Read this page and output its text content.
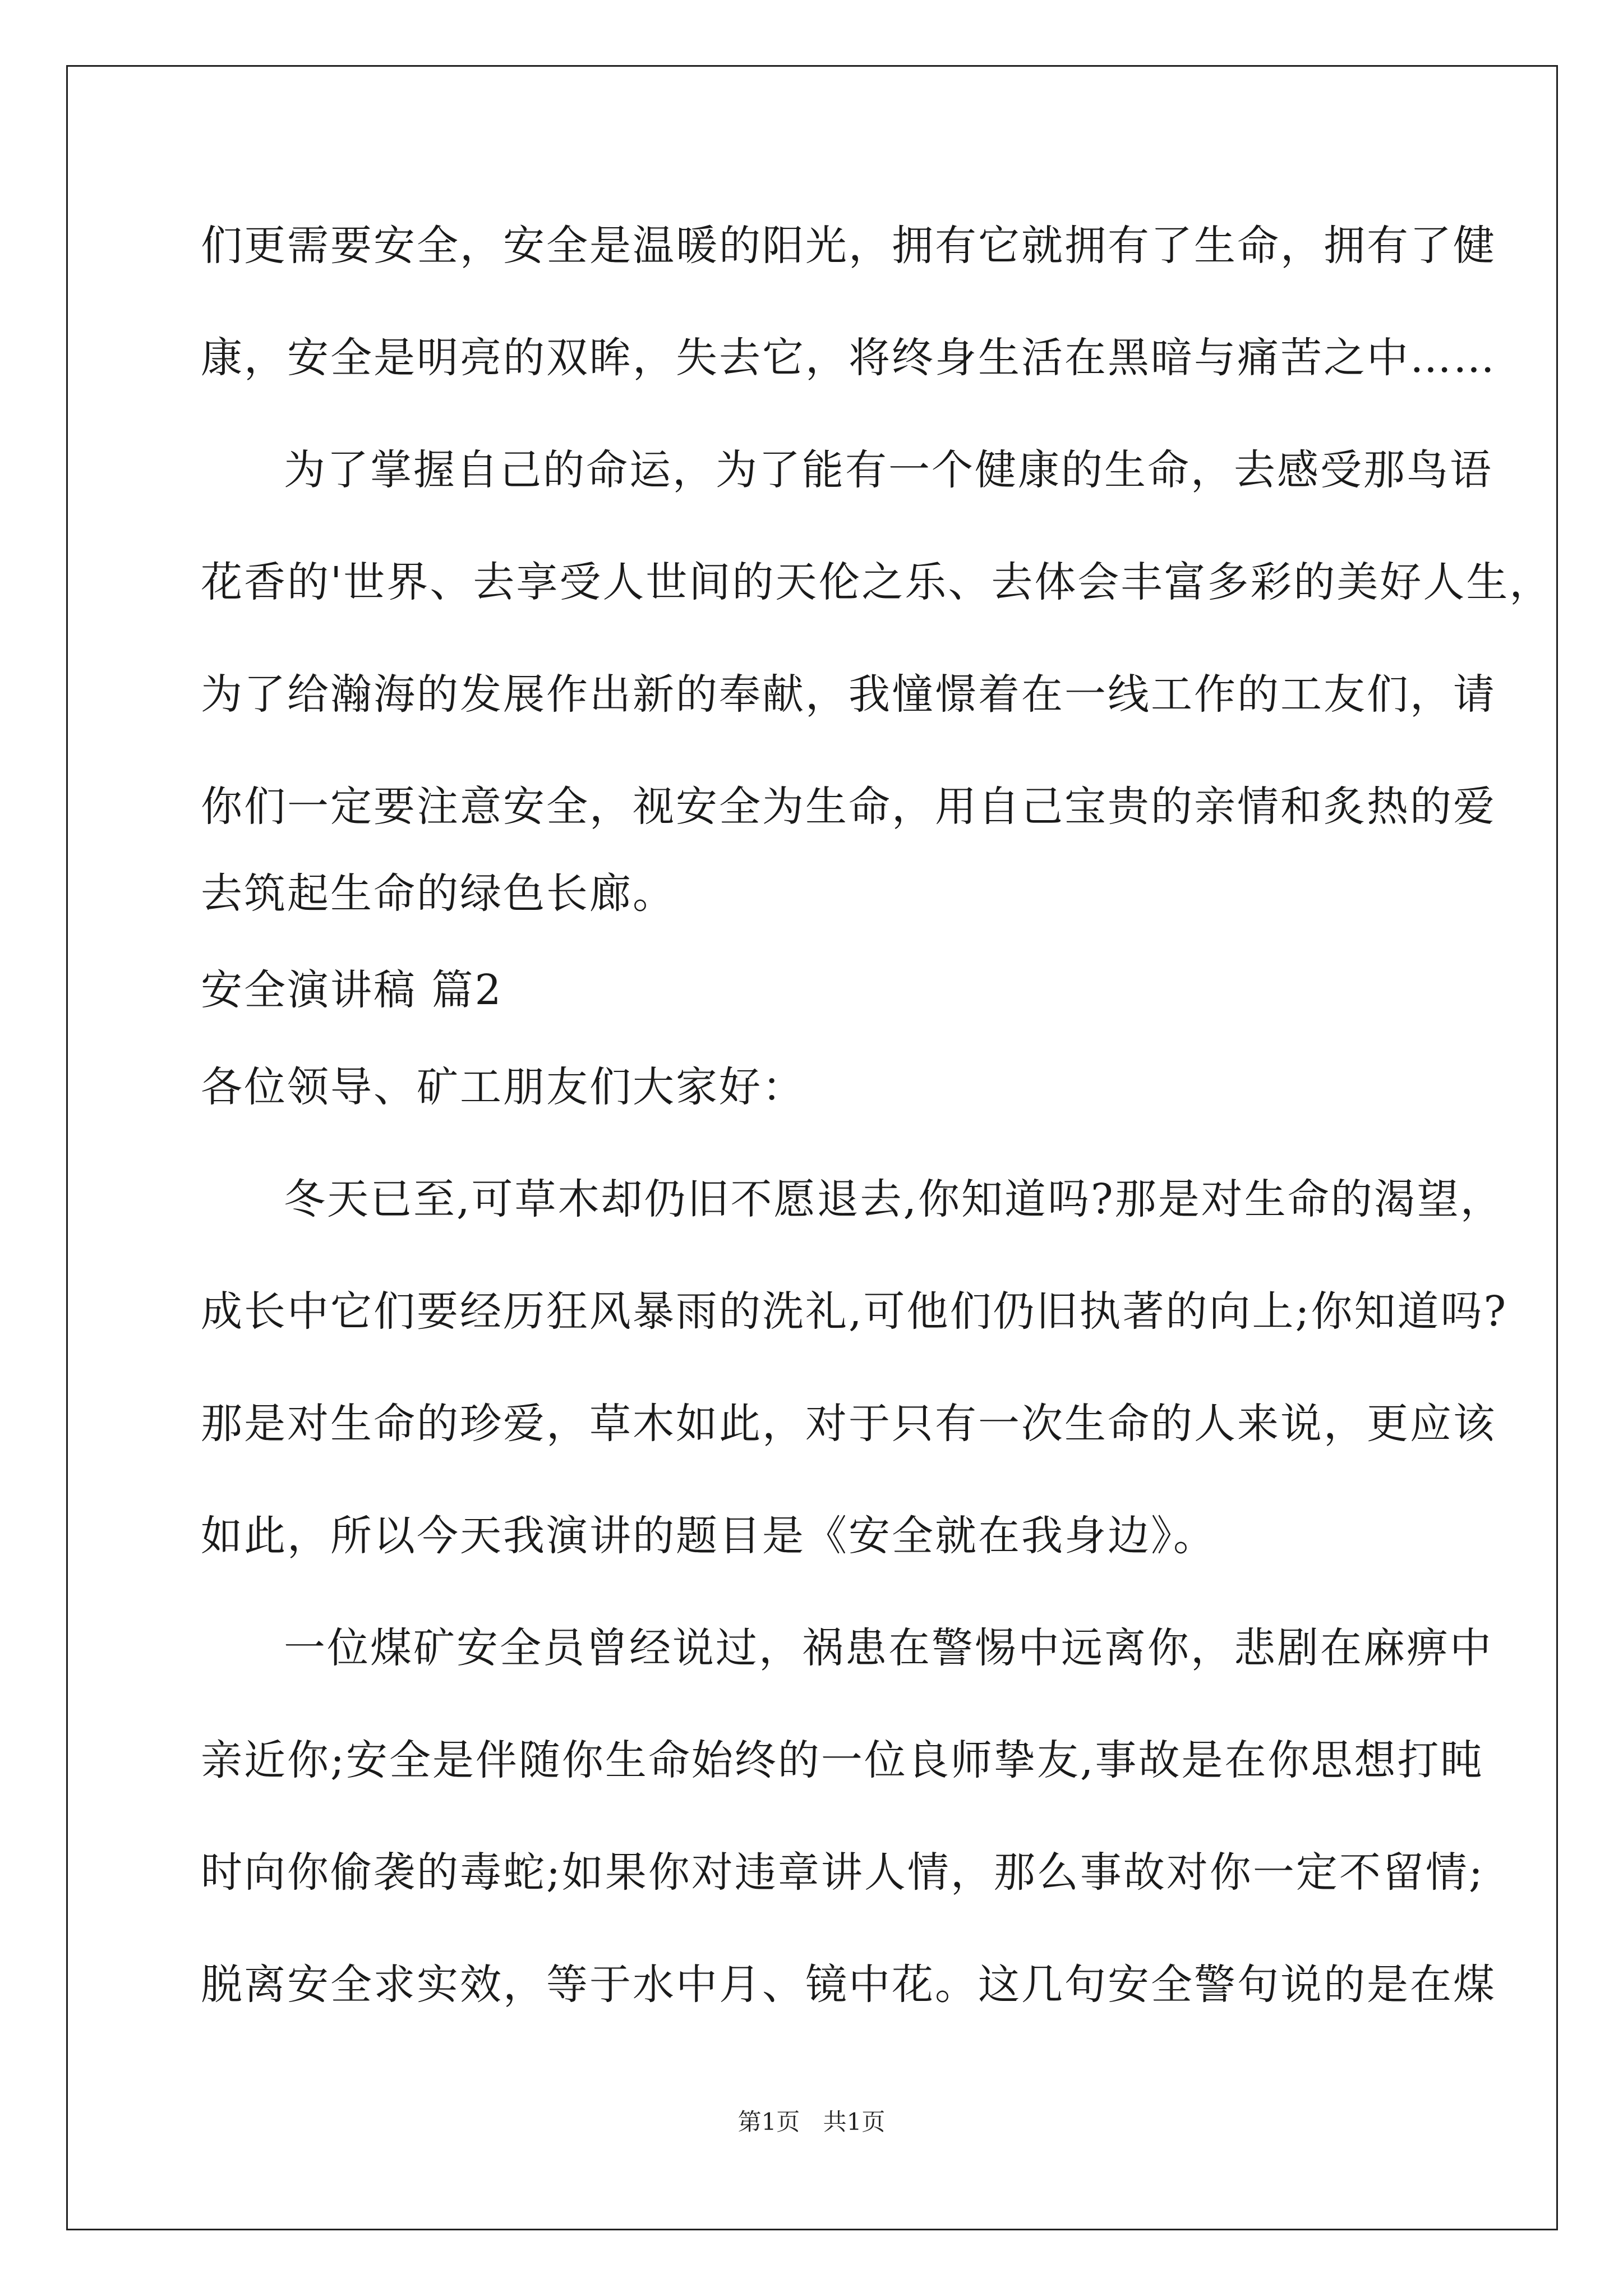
们更需要安全，安全是温暖的阳光，拥有它就拥有了生命，拥有了健
康，安全是明亮的双眸，失去它，将终身生活在黑暗与痛苦之中……
为了掌握自己的命运，为了能有一个健康的生命，去感受那鸟语
花香的'世界、去享受人世间的天伦之乐、去体会丰富多彩的美好人生，
为了给瀚海的发展作出新的奉献，我憧憬着在一线工作的工友们，请
你们一定要注意安全，视安全为生命，用自己宝贵的亲情和炙热的爱
去筑起生命的绿色长廊。
安全演讲稿 篇2
各位领导、矿工朋友们大家好：
冬天已至,可草木却仍旧不愿退去,你知道吗?那是对生命的渴望，
成长中它们要经历狂风暴雨的洗礼,可他们仍旧执著的向上;你知道吗?
那是对生命的珍爱，草木如此，对于只有一次生命的人来说，更应该
如此，所以今天我演讲的题目是《安全就在我身边》。
一位煤矿安全员曾经说过，祸患在警惕中远离你，悲剧在麻痹中
亲近你;安全是伴随你生命始终的一位良师挚友,事故是在你思想打盹
时向你偷袭的毒蛇;如果你对违章讲人情，那么事故对你一定不留情;
脱离安全求实效，等于水中月、镜中花。这几句安全警句说的是在煤
第1页 共1页
